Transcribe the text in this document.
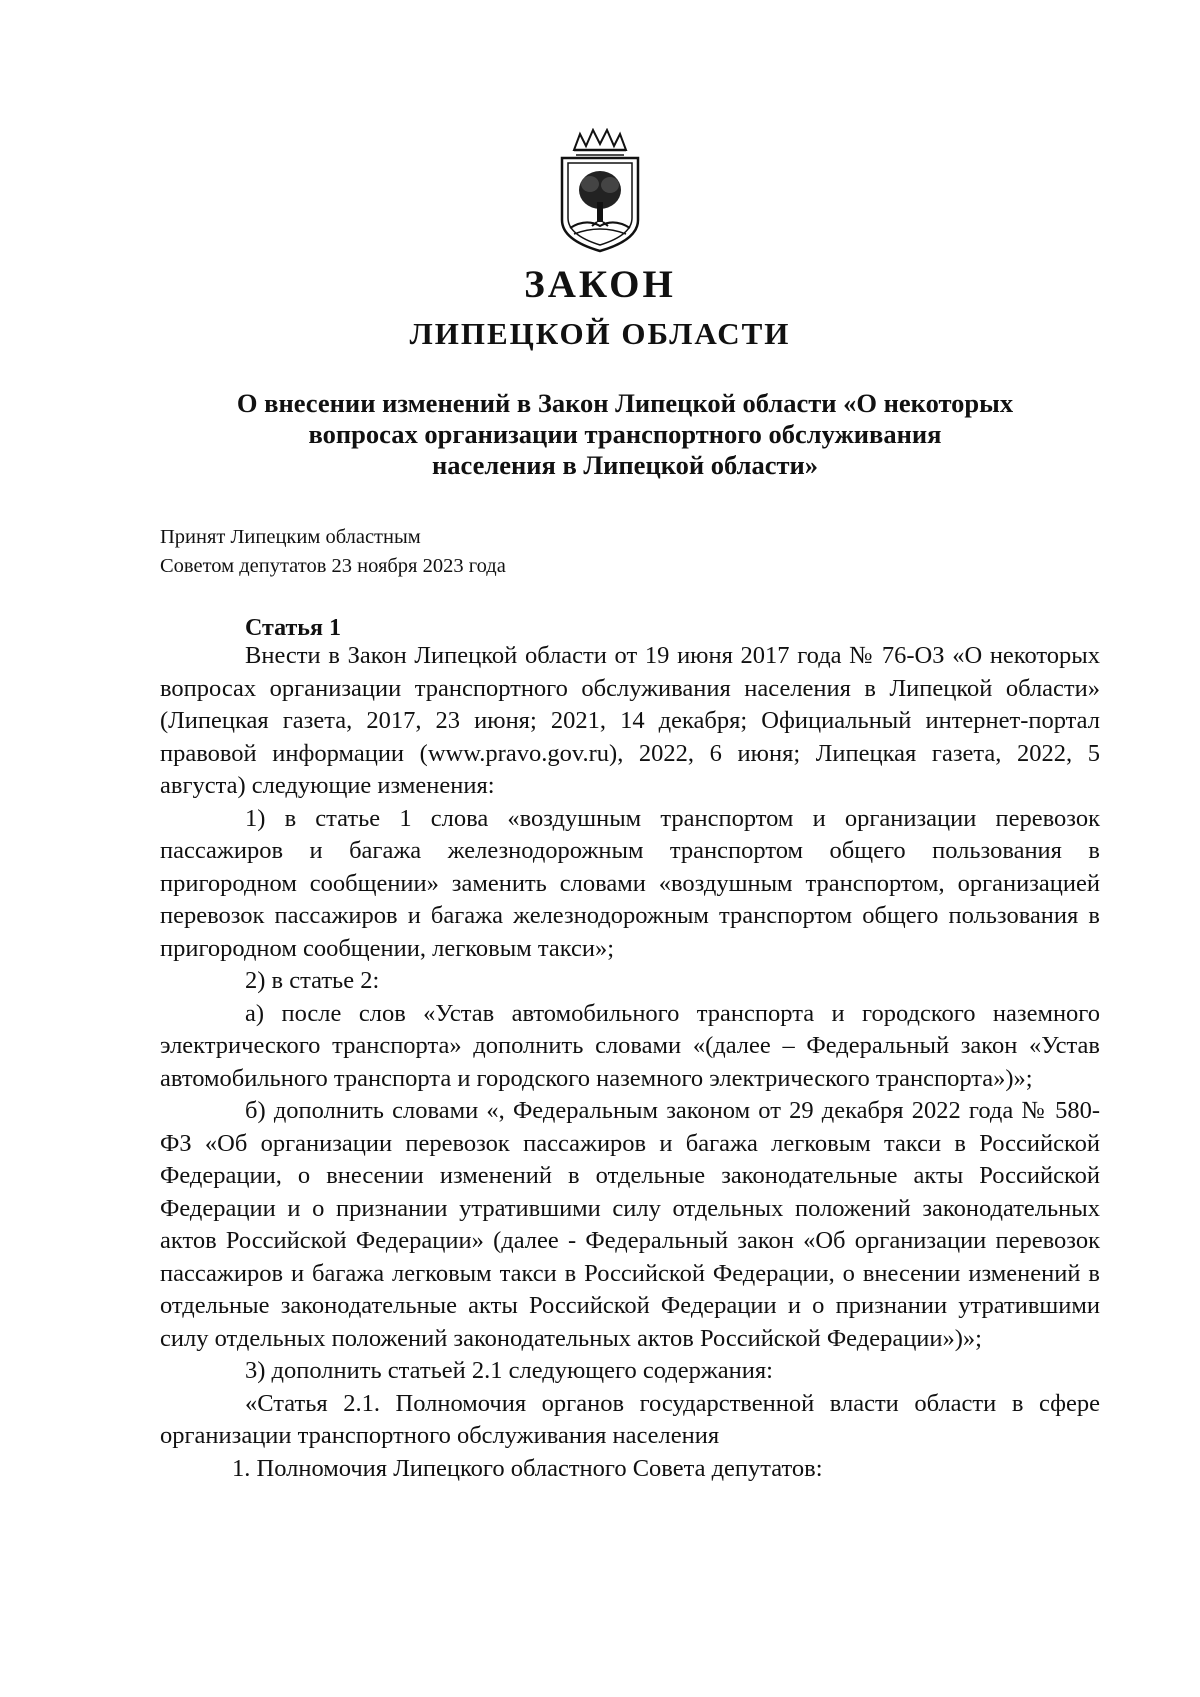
ЗАКОН
ЛИПЕЦКОЙ ОБЛАСТИ
О внесении изменений в Закон Липецкой области «О некоторых
вопросах организации транспортного обслуживания
населения в Липецкой области»
Принят Липецким областным
Советом депутатов 23 ноября 2023 года
Статья 1

Внести в Закон Липецкой области от 19 июня 2017 года № 76-ОЗ «О некоторых вопросах организации транспортного обслуживания населения в Липецкой области» (Липецкая газета, 2017, 23 июня; 2021, 14 декабря; Официальный интернет-портал правовой информации (www.pravo.gov.ru), 2022, 6 июня; Липецкая газета, 2022, 5 августа) следующие изменения:

1) в статье 1 слова «воздушным транспортом и организации перевозок пассажиров и багажа железнодорожным транспортом общего пользования в пригородном сообщении» заменить словами «воздушным транспортом, организацией перевозок пассажиров и багажа железнодорожным транспортом общего пользования в пригородном сообщении, легковым такси»;

2) в статье 2:

а) после слов «Устав автомобильного транспорта и городского наземного электрического транспорта» дополнить словами «(далее – Федеральный закон «Устав автомобильного транспорта и городского наземного электрического транспорта»)»;

б) дополнить словами «, Федеральным законом от 29 декабря 2022 года № 580-ФЗ «Об организации перевозок пассажиров и багажа легковым такси в Российской Федерации, о внесении изменений в отдельные законодательные акты Российской Федерации и о признании утратившими силу отдельных положений законодательных актов Российской Федерации» (далее - Федеральный закон «Об организации перевозок пассажиров и багажа легковым такси в Российской Федерации, о внесении изменений в отдельные законодательные акты Российской Федерации и о признании утратившими силу отдельных положений законодательных актов Российской Федерации»)»;

3) дополнить статьей 2.1 следующего содержания:

«Статья 2.1. Полномочия органов государственной власти области в сфере организации транспортного обслуживания населения

1. Полномочия Липецкого областного Совета депутатов:
